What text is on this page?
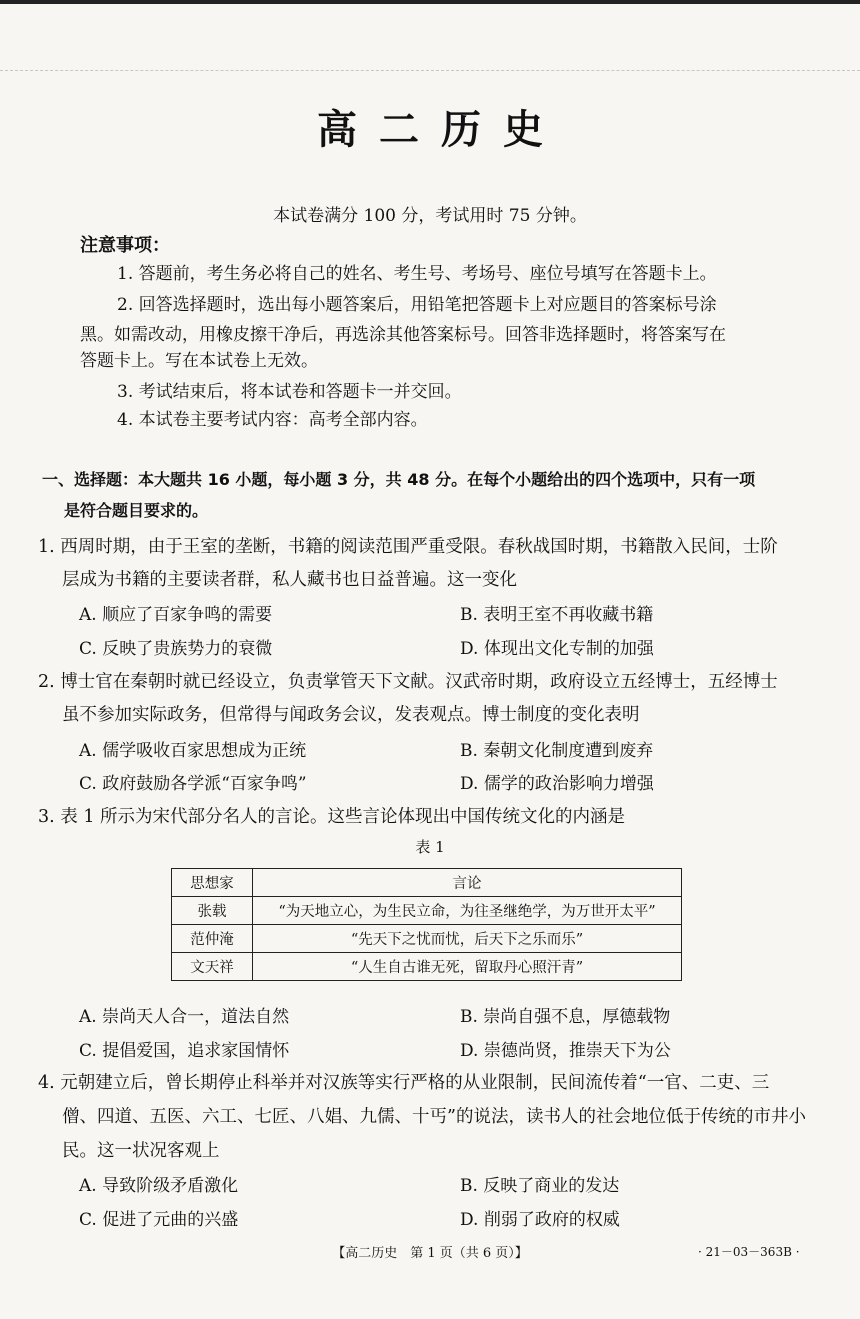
高二历史
本试卷满分 100 分，考试用时 75 分钟。
注意事项：
1. 答题前，考生务必将自己的姓名、考生号、考场号、座位号填写在答题卡上。
2. 回答选择题时，选出每小题答案后，用铅笔把答题卡上对应题目的答案标号涂
黑。如需改动，用橡皮擦干净后，再选涂其他答案标号。回答非选择题时，将答案写在
答题卡上。写在本试卷上无效。
3. 考试结束后，将本试卷和答题卡一并交回。
4. 本试卷主要考试内容：高考全部内容。
一、选择题：本大题共 16 小题，每小题 3 分，共 48 分。在每个小题给出的四个选项中，只有一项
是符合题目要求的。
1. 西周时期，由于王室的垄断，书籍的阅读范围严重受限。春秋战国时期，书籍散入民间，士阶
层成为书籍的主要读者群，私人藏书也日益普遍。这一变化
A. 顺应了百家争鸣的需要	B. 表明王室不再收藏书籍
C. 反映了贵族势力的衰微	D. 体现出文化专制的加强
2. 博士官在秦朝时就已经设立，负责掌管天下文献。汉武帝时期，政府设立五经博士，五经博士
虽不参加实际政务，但常得与闻政务会议，发表观点。博士制度的变化表明
A. 儒学吸收百家思想成为正统	B. 秦朝文化制度遭到废弃
C. 政府鼓励各学派“百家争鸣”	D. 儒学的政治影响力增强
3. 表 1 所示为宋代部分名人的言论。这些言论体现出中国传统文化的内涵是
表 1
思想家	言论
张载	“为天地立心，为生民立命，为往圣继绝学，为万世开太平”
范仲淹	“先天下之忧而忧，后天下之乐而乐”
文天祥	“人生自古谁无死，留取丹心照汗青”
A. 崇尚天人合一，道法自然	B. 崇尚自强不息，厚德载物
C. 提倡爱国，追求家国情怀	D. 崇德尚贤，推崇天下为公
4. 元朝建立后，曾长期停止科举并对汉族等实行严格的从业限制，民间流传着“一官、二吏、三
僧、四道、五医、六工、七匠、八娼、九儒、十丐”的说法，读书人的社会地位低于传统的市井小
民。这一状况客观上
A. 导致阶级矛盾激化	B. 反映了商业的发达
C. 促进了元曲的兴盛	D. 削弱了政府的权威
【高二历史　第 1 页（共 6 页）】	· 21－03－363B ·
